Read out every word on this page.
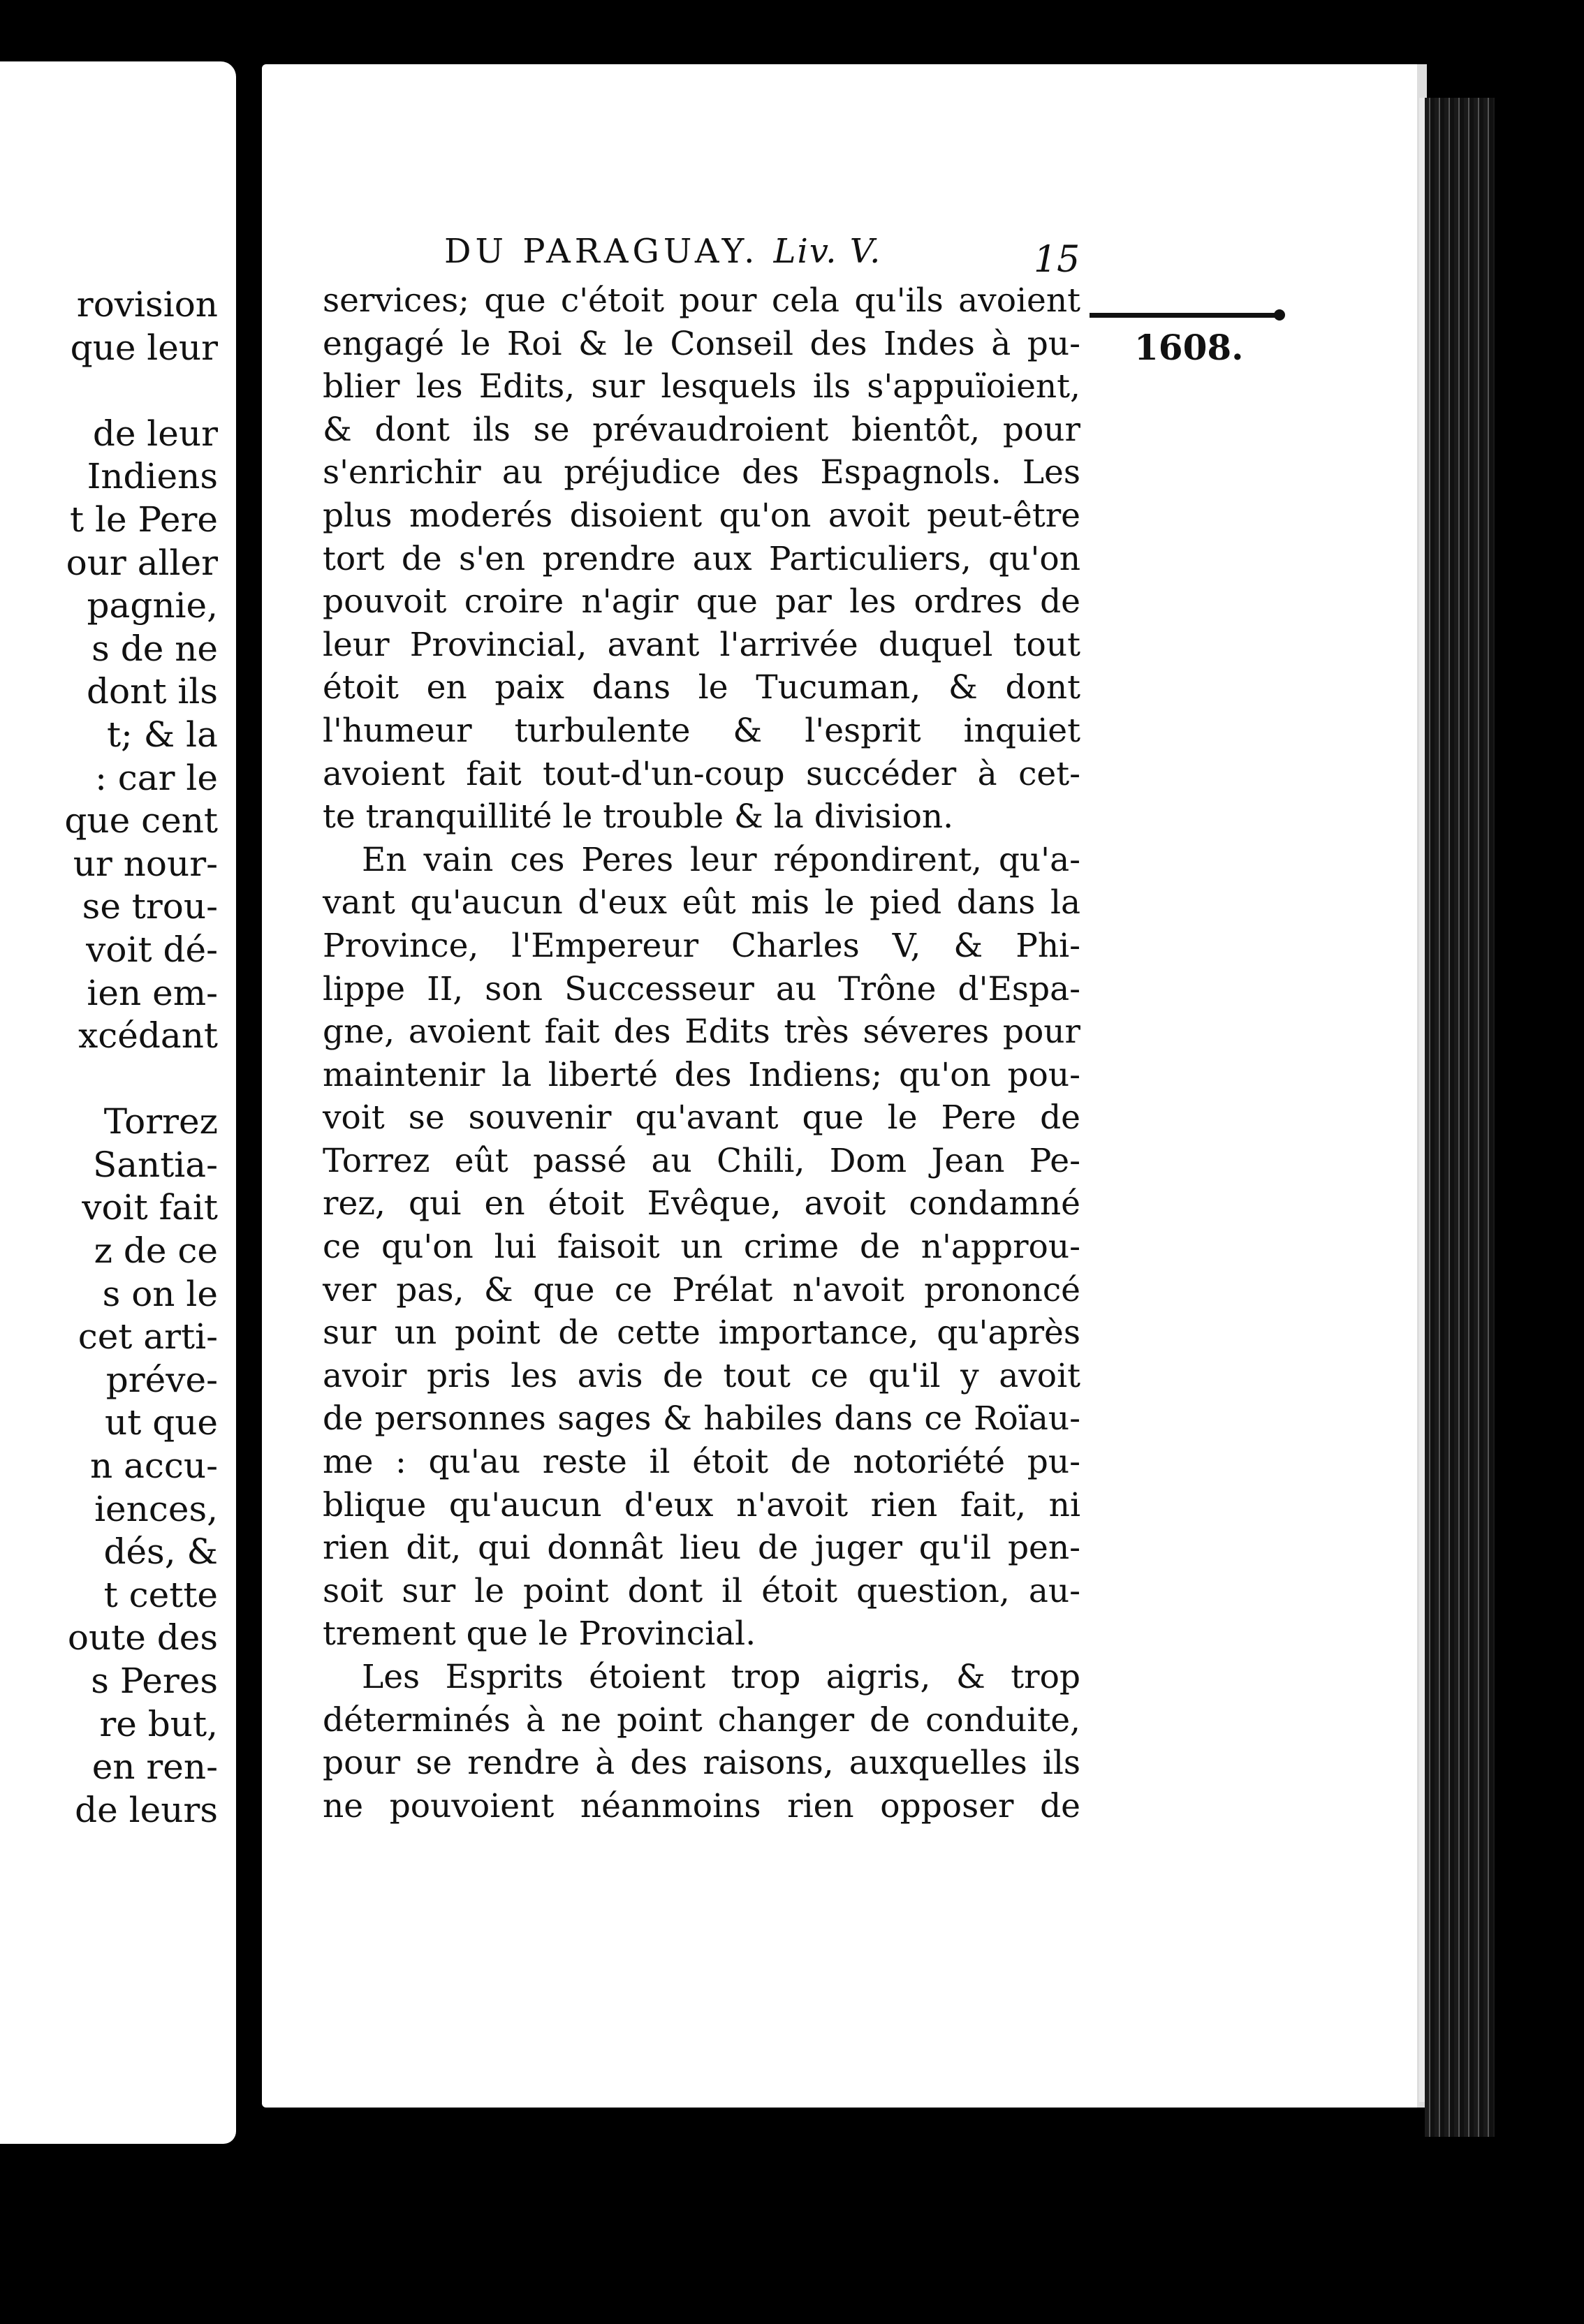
rovision
que leur
de leur
Indiens
t le Pere
our aller
pagnie,
s de ne
dont ils
t; & la
: car le
que cent
ur nour-
se trou-
voit dé-
ien em-
xcédant
Torrez
Santia-
voit fait
z de ce
s on le
cet arti-
préve-
ut que
n accu-
iences,
dés, &
t cette
oute des
s Peres
re but,
en ren-
de leurs
DU PARAGUAY. Liv. V.	15
1608.
services; que c'étoit pour cela qu'ils avoient
engagé le Roi & le Conseil des Indes à pu-
blier les Edits, sur lesquels ils s'appuïoient,
& dont ils se prévaudroient bientôt, pour
s'enrichir au préjudice des Espagnols. Les
plus moderés disoient qu'on avoit peut-être
tort de s'en prendre aux Particuliers, qu'on
pouvoit croire n'agir que par les ordres de
leur Provincial, avant l'arrivée duquel tout
étoit en paix dans le Tucuman, & dont
l'humeur turbulente & l'esprit inquiet
avoient fait tout-d'un-coup succéder à cet-
te tranquillité le trouble & la division.
En vain ces Peres leur répondirent, qu'a-
vant qu'aucun d'eux eût mis le pied dans la
Province, l'Empereur Charles V, & Phi-
lippe II, son Successeur au Trône d'Espa-
gne, avoient fait des Edits très séveres pour
maintenir la liberté des Indiens; qu'on pou-
voit se souvenir qu'avant que le Pere de
Torrez eût passé au Chili, Dom Jean Pe-
rez, qui en étoit Evêque, avoit condamné
ce qu'on lui faisoit un crime de n'approu-
ver pas, & que ce Prélat n'avoit prononcé
sur un point de cette importance, qu'après
avoir pris les avis de tout ce qu'il y avoit
de personnes sages & habiles dans ce Roïau-
me : qu'au reste il étoit de notoriété pu-
blique qu'aucun d'eux n'avoit rien fait, ni
rien dit, qui donnât lieu de juger qu'il pen-
soit sur le point dont il étoit question, au-
trement que le Provincial.
Les Esprits étoient trop aigris, & trop
déterminés à ne point changer de conduite,
pour se rendre à des raisons, auxquelles ils
ne pouvoient néanmoins rien opposer de
